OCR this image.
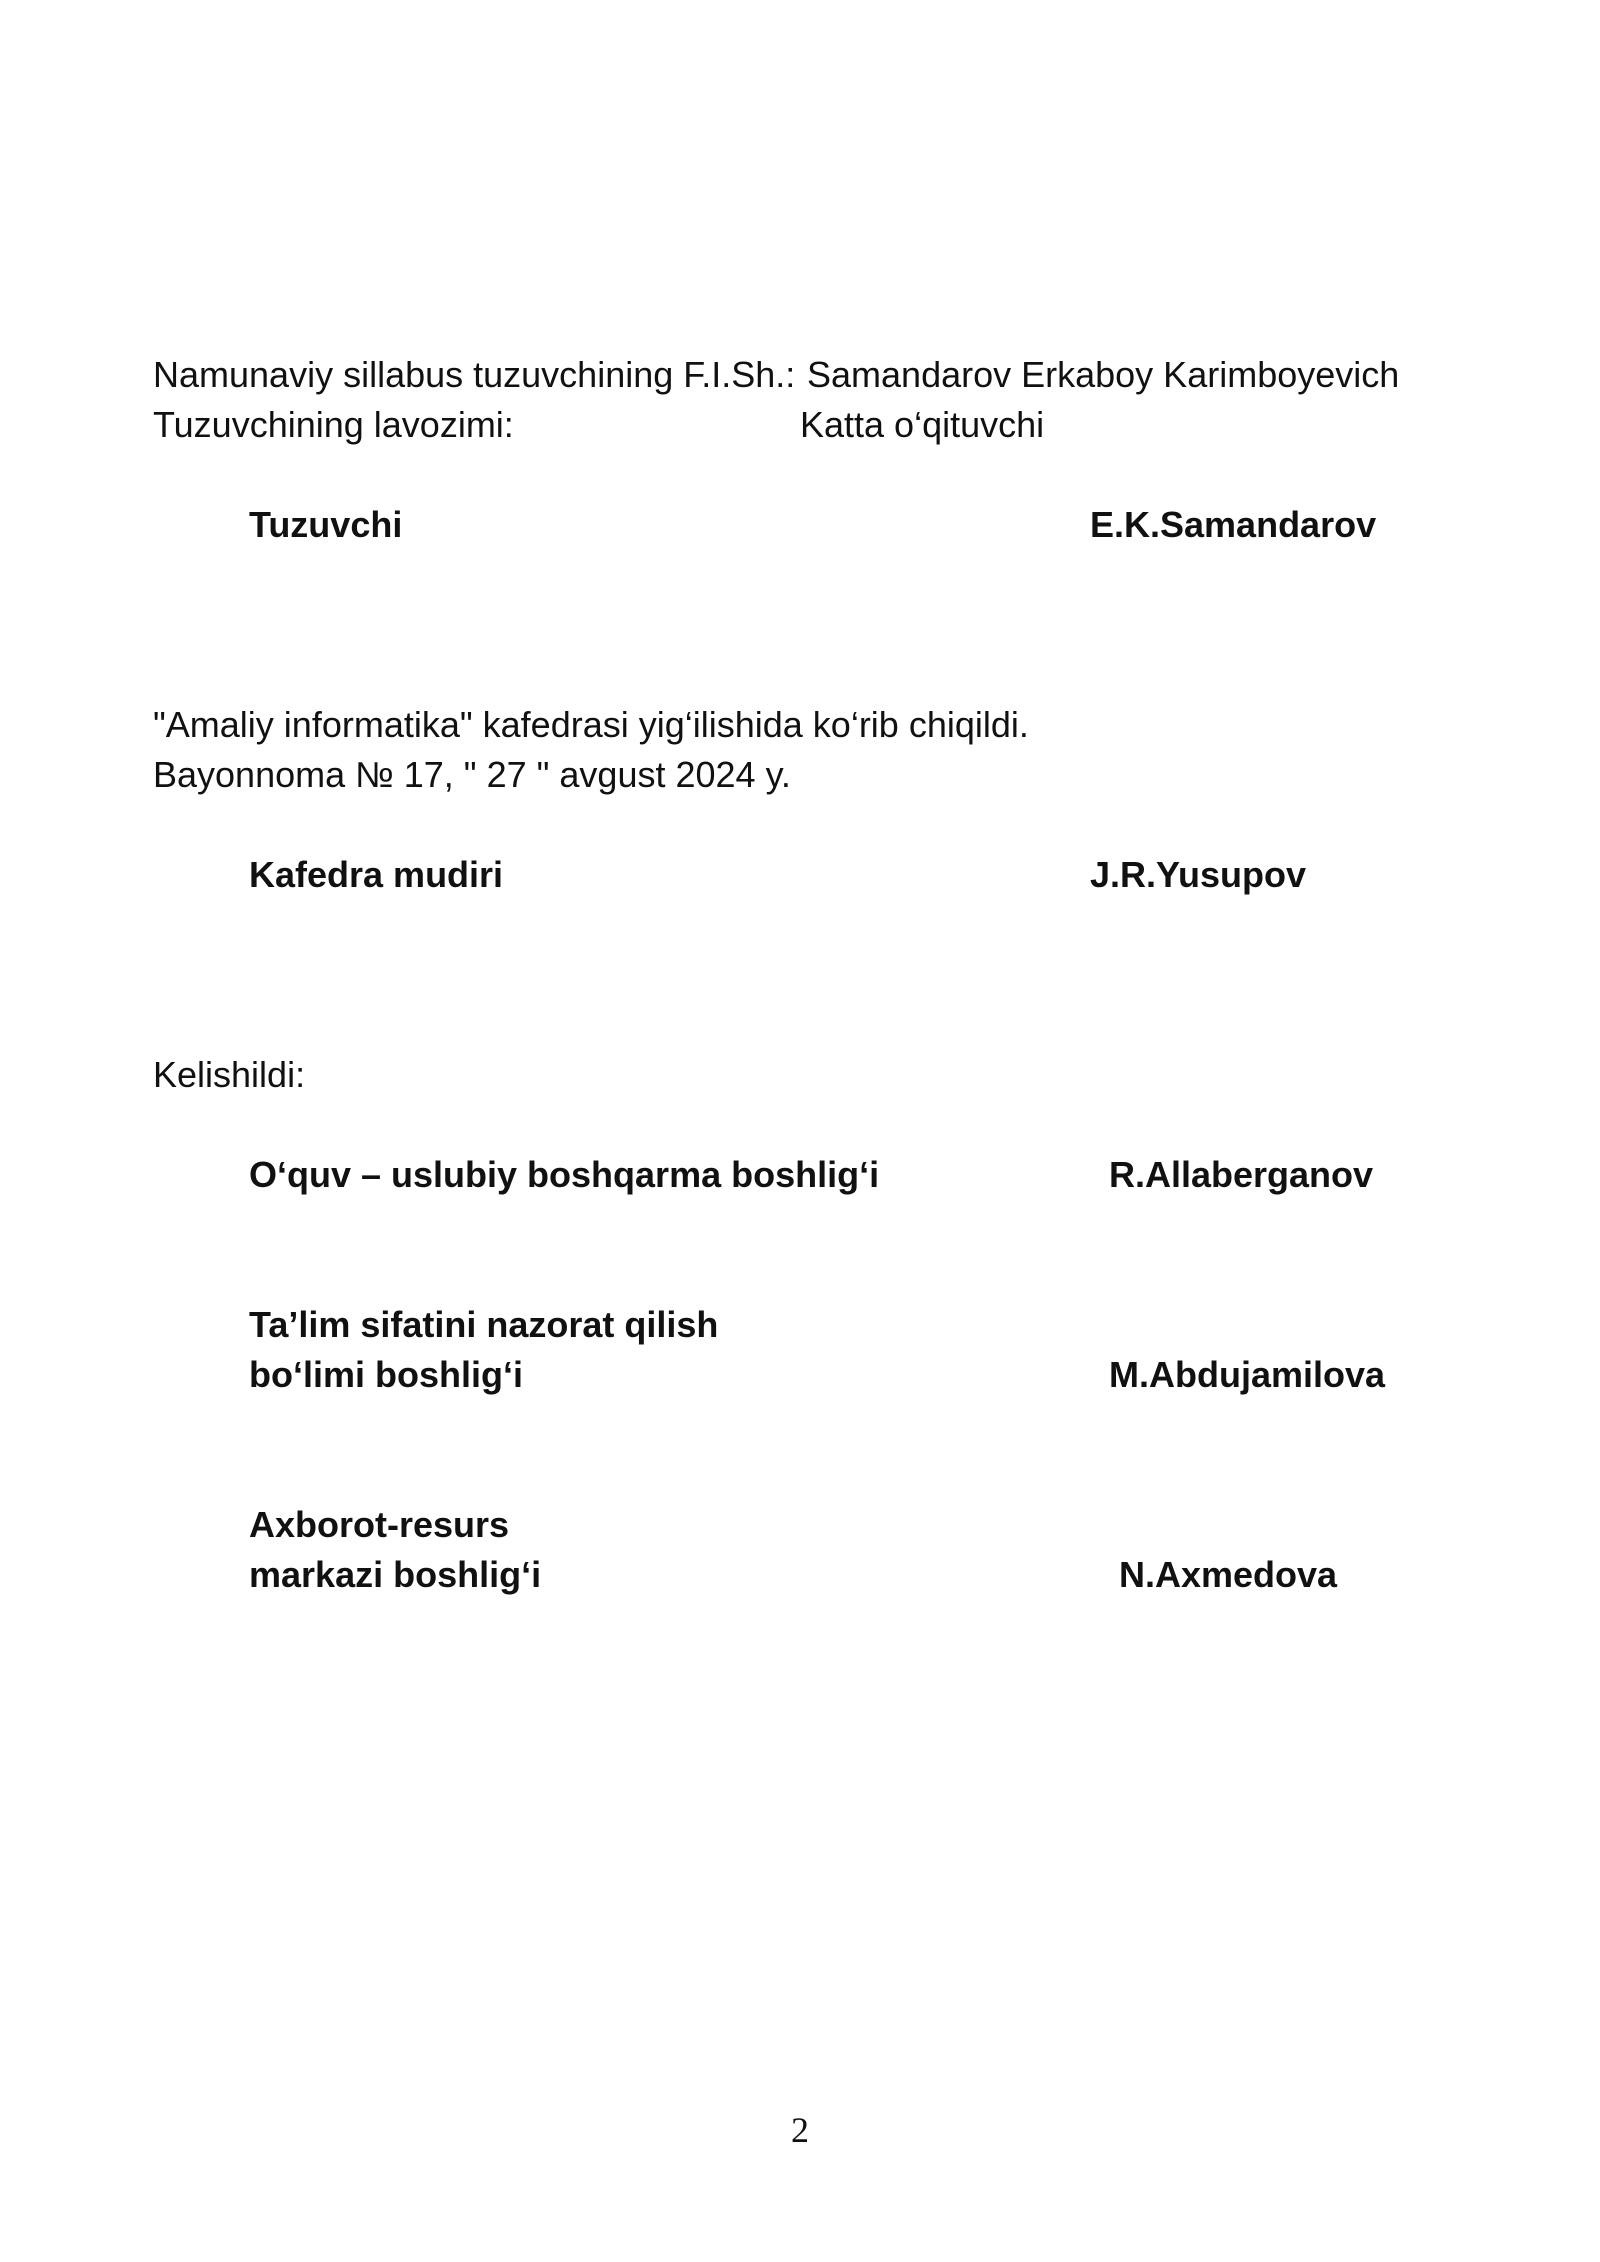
Namunaviy sillabus tuzuvchining F.I.Sh.: Samandarov Erkaboy Karimboyevich
Tuzuvchining lavozimi:	Katta o‘qituvchi
Tuzuvchi	E.K.Samandarov
"Amaliy informatika" kafedrasi yig‘ilishida ko‘rib chiqildi.
Bayonnoma № 17, " 27 " avgust 2024 y.
Kafedra mudiri	J.R.Yusupov
Kelishildi:
O‘quv – uslubiy boshqarma boshlig‘i	R.Allaberganov
Ta’lim sifatini nazorat qilish
bo‘limi boshlig‘i	M.Abdujamilova
Axborot-resurs
markazi boshlig‘i	N.Axmedova
2
